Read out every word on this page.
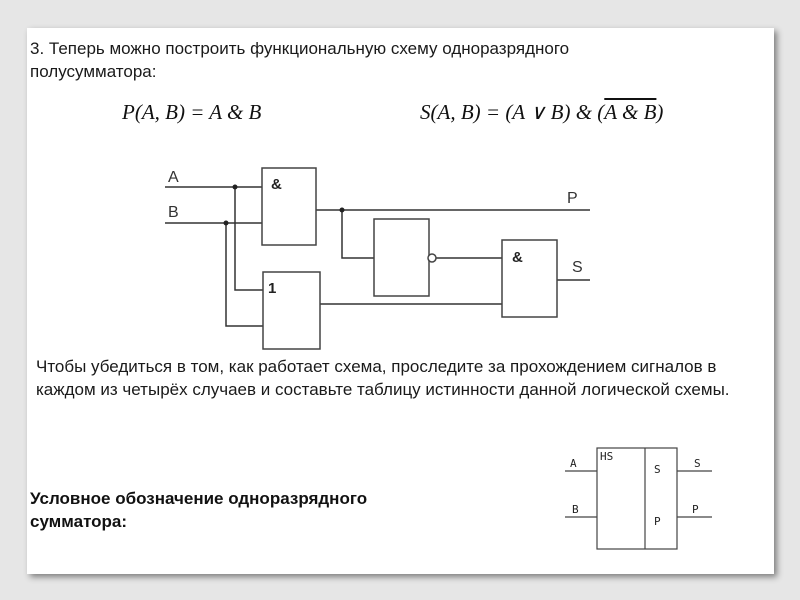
3. Теперь можно построить функциональную схему одноразрядного полусумматора:
P(A, B) = A & B	S(A, B) = (A ∨ B) & (A & B)
A
B
P
S
&
1
&
HS
A
B
S
P
S
P
Чтобы убедиться в том, как работает схема, проследите за прохождением сигналов в каждом из четырёх случаев и составьте таблицу истинности данной логической схемы.
Условное обозначение одноразрядного сумматора:
